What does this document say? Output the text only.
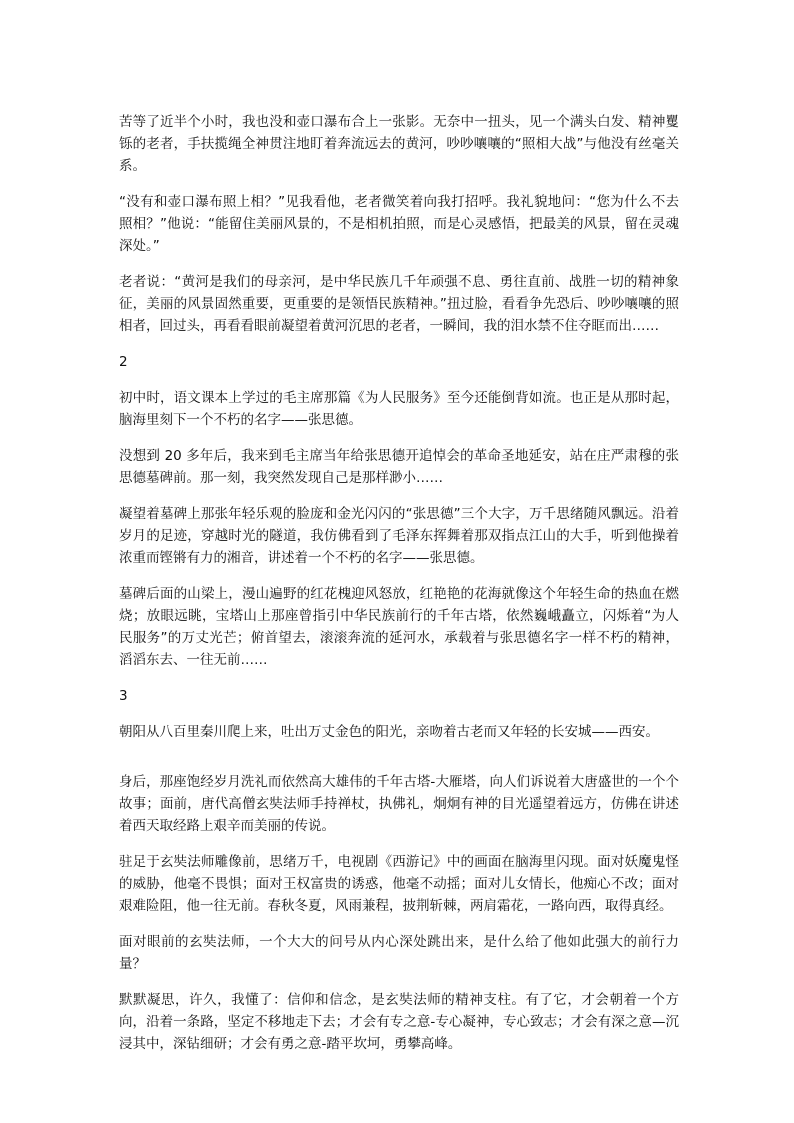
苦等了近半个小时，我也没和壶口瀑布合上一张影。无奈中一扭头，见一个满头白发、精神矍铄的老者，手扶揽绳全神贯注地盯着奔流远去的黄河，吵吵嚷嚷的“照相大战”与他没有丝毫关系。

“没有和壶口瀑布照上相？”见我看他，老者微笑着向我打招呼。我礼貌地问：“您为什么不去照相？”他说：“能留住美丽风景的，不是相机拍照，而是心灵感悟，把最美的风景，留在灵魂深处。”

老者说：“黄河是我们的母亲河，是中华民族几千年顽强不息、勇往直前、战胜一切的精神象征，美丽的风景固然重要，更重要的是领悟民族精神。”扭过脸，看看争先恐后、吵吵嚷嚷的照相者，回过头，再看看眼前凝望着黄河沉思的老者，一瞬间，我的泪水禁不住夺眶而出……

2

初中时，语文课本上学过的毛主席那篇《为人民服务》至今还能倒背如流。也正是从那时起，脑海里刻下一个不朽的名字——张思德。

没想到 20 多年后，我来到毛主席当年给张思德开追悼会的革命圣地延安，站在庄严肃穆的张思德墓碑前。那一刻，我突然发现自己是那样渺小……

凝望着墓碑上那张年轻乐观的脸庞和金光闪闪的“张思德”三个大字，万千思绪随风飘远。沿着岁月的足迹，穿越时光的隧道，我仿佛看到了毛泽东挥舞着那双指点江山的大手，听到他操着浓重而铿锵有力的湘音，讲述着一个不朽的名字——张思德。

墓碑后面的山梁上，漫山遍野的红花槐迎风怒放，红艳艳的花海就像这个年轻生命的热血在燃烧；放眼远眺，宝塔山上那座曾指引中华民族前行的千年古塔，依然巍峨矗立，闪烁着“为人民服务”的万丈光芒；俯首望去，滚滚奔流的延河水，承载着与张思德名字一样不朽的精神，滔滔东去、一往无前……

3

朝阳从八百里秦川爬上来，吐出万丈金色的阳光，亲吻着古老而又年轻的长安城——西安。

身后，那座饱经岁月洗礼而依然高大雄伟的千年古塔-大雁塔，向人们诉说着大唐盛世的一个个故事；面前，唐代高僧玄奘法师手持禅杖，执佛礼，炯炯有神的目光遥望着远方，仿佛在讲述着西天取经路上艰辛而美丽的传说。

驻足于玄奘法师雕像前，思绪万千，电视剧《西游记》中的画面在脑海里闪现。面对妖魔鬼怪的威胁，他毫不畏惧；面对王权富贵的诱惑，他毫不动摇；面对儿女情长，他痴心不改；面对艰难险阻，他一往无前。春秋冬夏，风雨兼程，披荆斩棘，两肩霜花，一路向西，取得真经。

面对眼前的玄奘法师，一个大大的问号从内心深处跳出来，是什么给了他如此强大的前行力量？

默默凝思，许久，我懂了：信仰和信念，是玄奘法师的精神支柱。有了它，才会朝着一个方向，沿着一条路，坚定不移地走下去；才会有专之意-专心凝神，专心致志；才会有深之意—沉浸其中，深钻细研；才会有勇之意-踏平坎坷，勇攀高峰。
